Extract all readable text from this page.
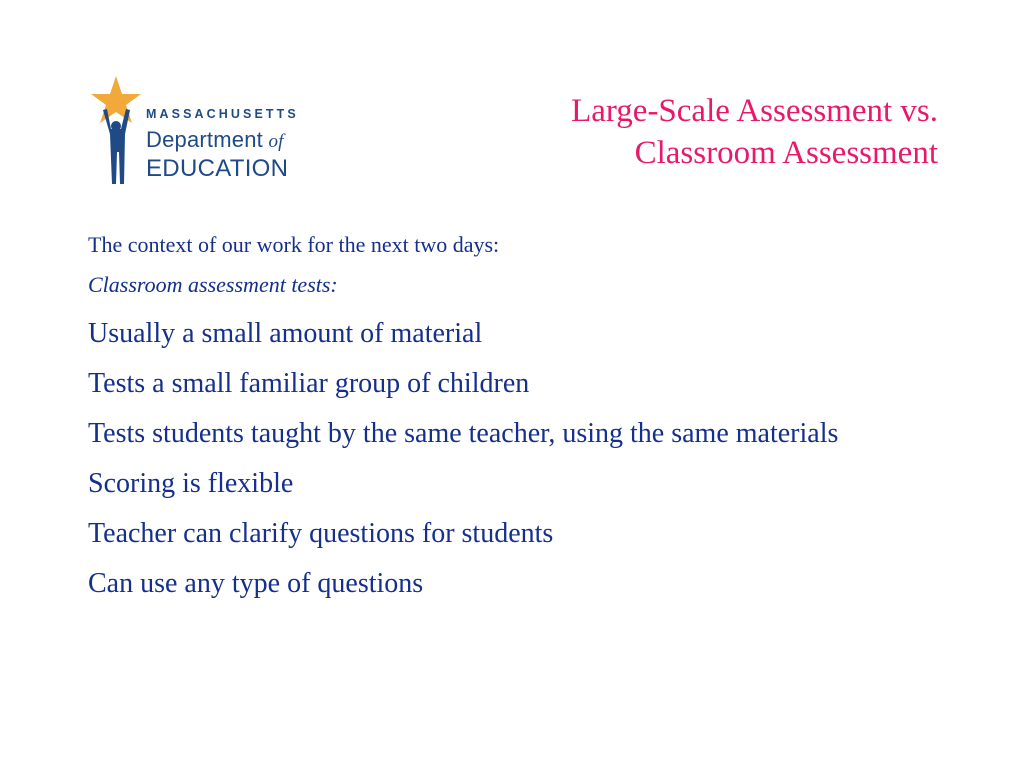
MASSACHUSETTS
Department of
EDUCATION
Large-Scale Assessment vs.
Classroom Assessment
The context of our work for the next two days:
Classroom assessment tests:
Usually a small amount of material
Tests a small familiar group of children
Tests students taught by the same teacher, using the same materials
Scoring is flexible
Teacher can clarify questions for students
Can use any type of questions
